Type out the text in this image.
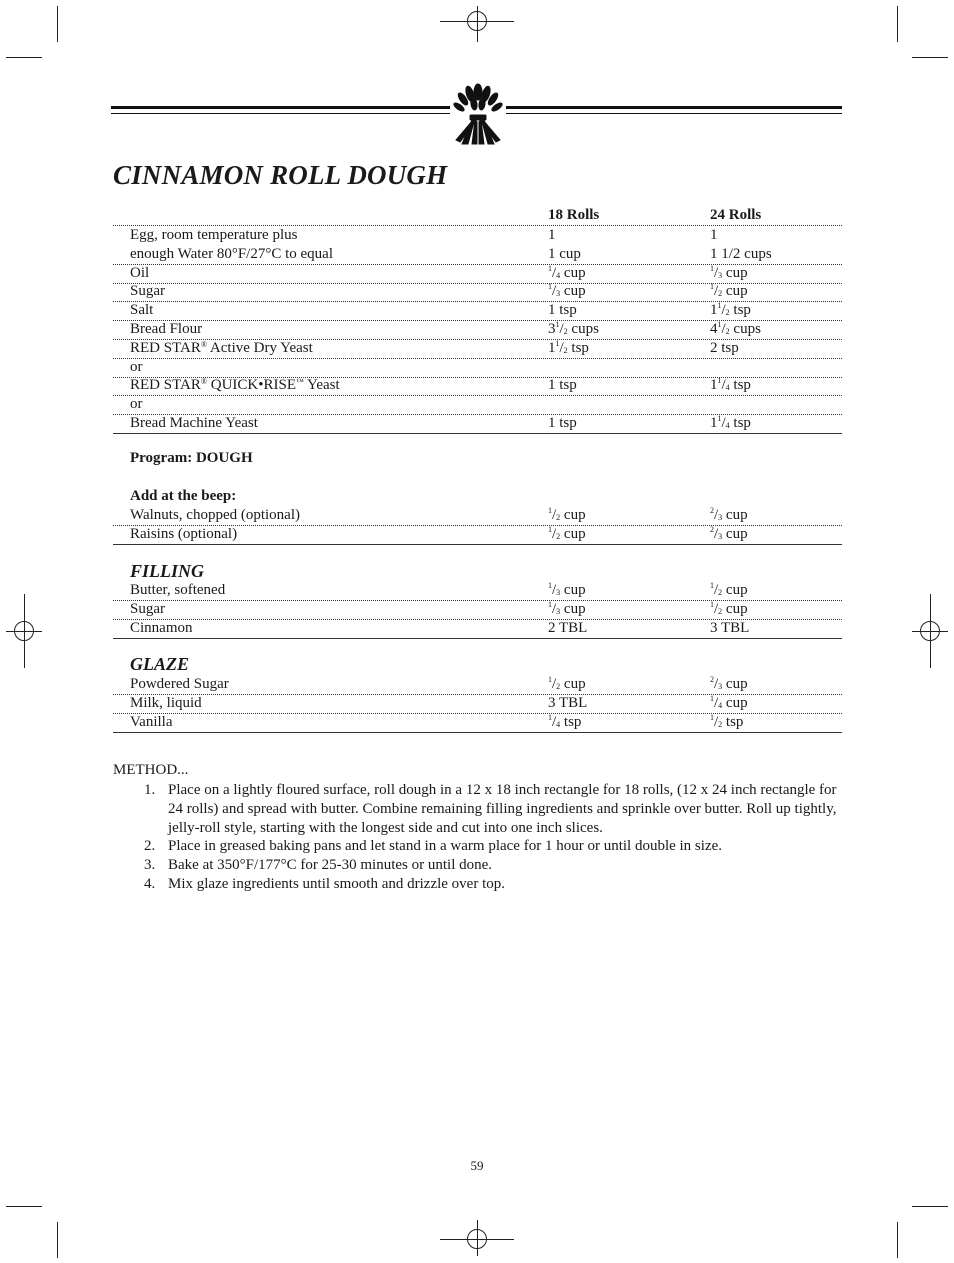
CINNAMON ROLL DOUGH
18 Rolls	24 Rolls
Egg, room temperature plus	1	1
enough Water 80°F/27°C to equal	1 cup	1 1/2 cups
Oil	$^1/_4$ cup	$^1/_3$ cup
Sugar	$^1/_3$ cup	$^1/_2$ cup
Salt	1 tsp	$1^1/_2$ tsp
Bread Flour	$3^1/_2$ cups	$4^1/_2$ cups
RED STAR® Active Dry Yeast	$1^1/_2$ tsp	2 tsp
or
RED STAR® QUICK•RISE™ Yeast	1 tsp	$1^1/_4$ tsp
or
Bread Machine Yeast	1 tsp	$1^1/_4$ tsp
Program: DOUGH
Add at the beep:
Walnuts, chopped (optional)	$^1/_2$ cup	$^2/_3$ cup
Raisins (optional)	$^1/_2$ cup	$^2/_3$ cup
FILLING
Butter, softened	$^1/_3$ cup	$^1/_2$ cup
Sugar	$^1/_3$ cup	$^1/_2$ cup
Cinnamon	2 TBL	3 TBL
GLAZE
Powdered Sugar	$^1/_2$ cup	$^2/_3$ cup
Milk, liquid	3 TBL	$^1/_4$ cup
Vanilla	$^1/_4$ tsp	$^1/_2$ tsp
METHOD...
1. Place on a lightly floured surface, roll dough in a 12 x 18 inch rectangle for 18 rolls, (12 x 24 inch rectangle for 24 rolls) and spread with butter. Combine remaining filling ingredients and sprinkle over butter. Roll up tightly, jelly-roll style, starting with the longest side and cut into one inch slices.
2. Place in greased baking pans and let stand in a warm place for 1 hour or until double in size.
3. Bake at 350°F/177°C for 25-30 minutes or until done.
4. Mix glaze ingredients until smooth and drizzle over top.
59
